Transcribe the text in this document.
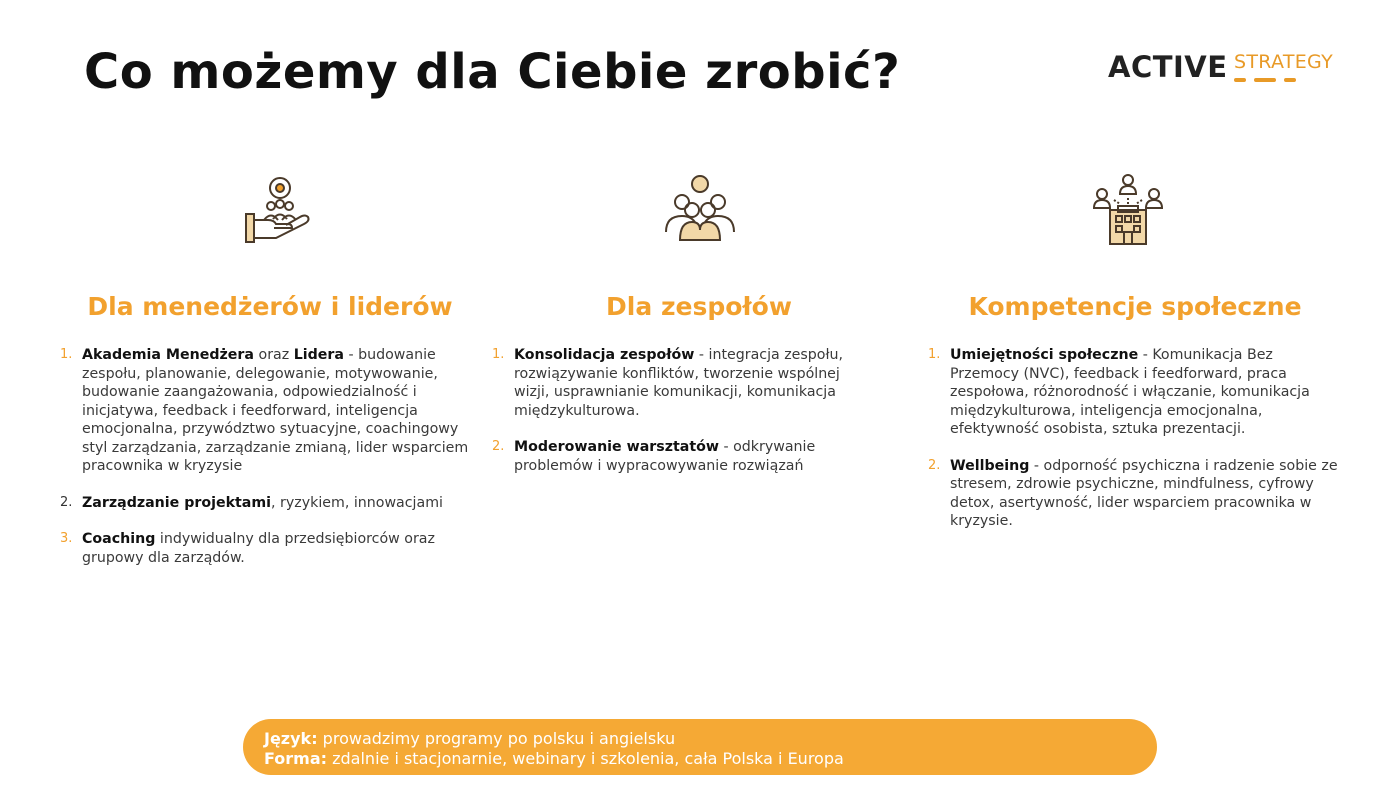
Co możemy dla Ciebie zrobić?	ACTIVE STRATEGY
Dla menedżerów i liderów
1. Akademia Menedżera oraz Lidera - budowanie zespołu, planowanie, delegowanie, motywowanie, budowanie zaangażowania, odpowiedzialność i inicjatywa, feedback i feedforward, inteligencja emocjonalna, przywództwo sytuacyjne, coachingowy styl zarządzania, zarządzanie zmianą, lider wsparciem pracownika w kryzysie
2. Zarządzanie projektami, ryzykiem, innowacjami
3. Coaching indywidualny dla przedsiębiorców oraz grupowy dla zarządów.
Dla zespołów
1. Konsolidacja zespołów - integracja zespołu, rozwiązywanie konfliktów, tworzenie wspólnej wizji, usprawnianie komunikacji, komunikacja międzykulturowa.
2. Moderowanie warsztatów - odkrywanie problemów i wypracowywanie rozwiązań
Kompetencje społeczne
1. Umiejętności społeczne - Komunikacja Bez Przemocy (NVC), feedback i feedforward, praca zespołowa, różnorodność i włączanie, komunikacja międzykulturowa, inteligencja emocjonalna, efektywność osobista, sztuka prezentacji.
2. Wellbeing - odporność psychiczna i radzenie sobie ze stresem, zdrowie psychiczne, mindfulness, cyfrowy detox, asertywność, lider wsparciem pracownika w kryzysie.
Język: prowadzimy programy po polsku i angielsku
Forma: zdalnie i stacjonarnie, webinary i szkolenia, cała Polska i Europa
